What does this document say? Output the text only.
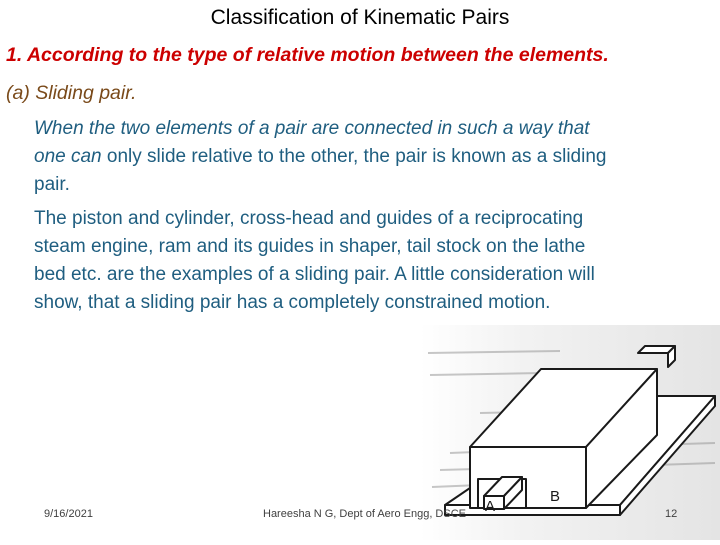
Classification of Kinematic Pairs
1. According to the type of relative motion between the elements.
(a) Sliding pair.
When the two elements of a pair are connected in such a way that
one can only slide relative to the other, the pair is known as a sliding
pair.
The piston and cylinder, cross-head and guides of a reciprocating
steam engine, ram and its guides in shaper, tail stock on the lathe
bed etc. are the examples of a sliding pair. A little consideration will
show, that a sliding pair has a completely constrained motion.
A
B
9/16/2021	Hareesha N G, Dept of Aero Engg, DSCE	12
